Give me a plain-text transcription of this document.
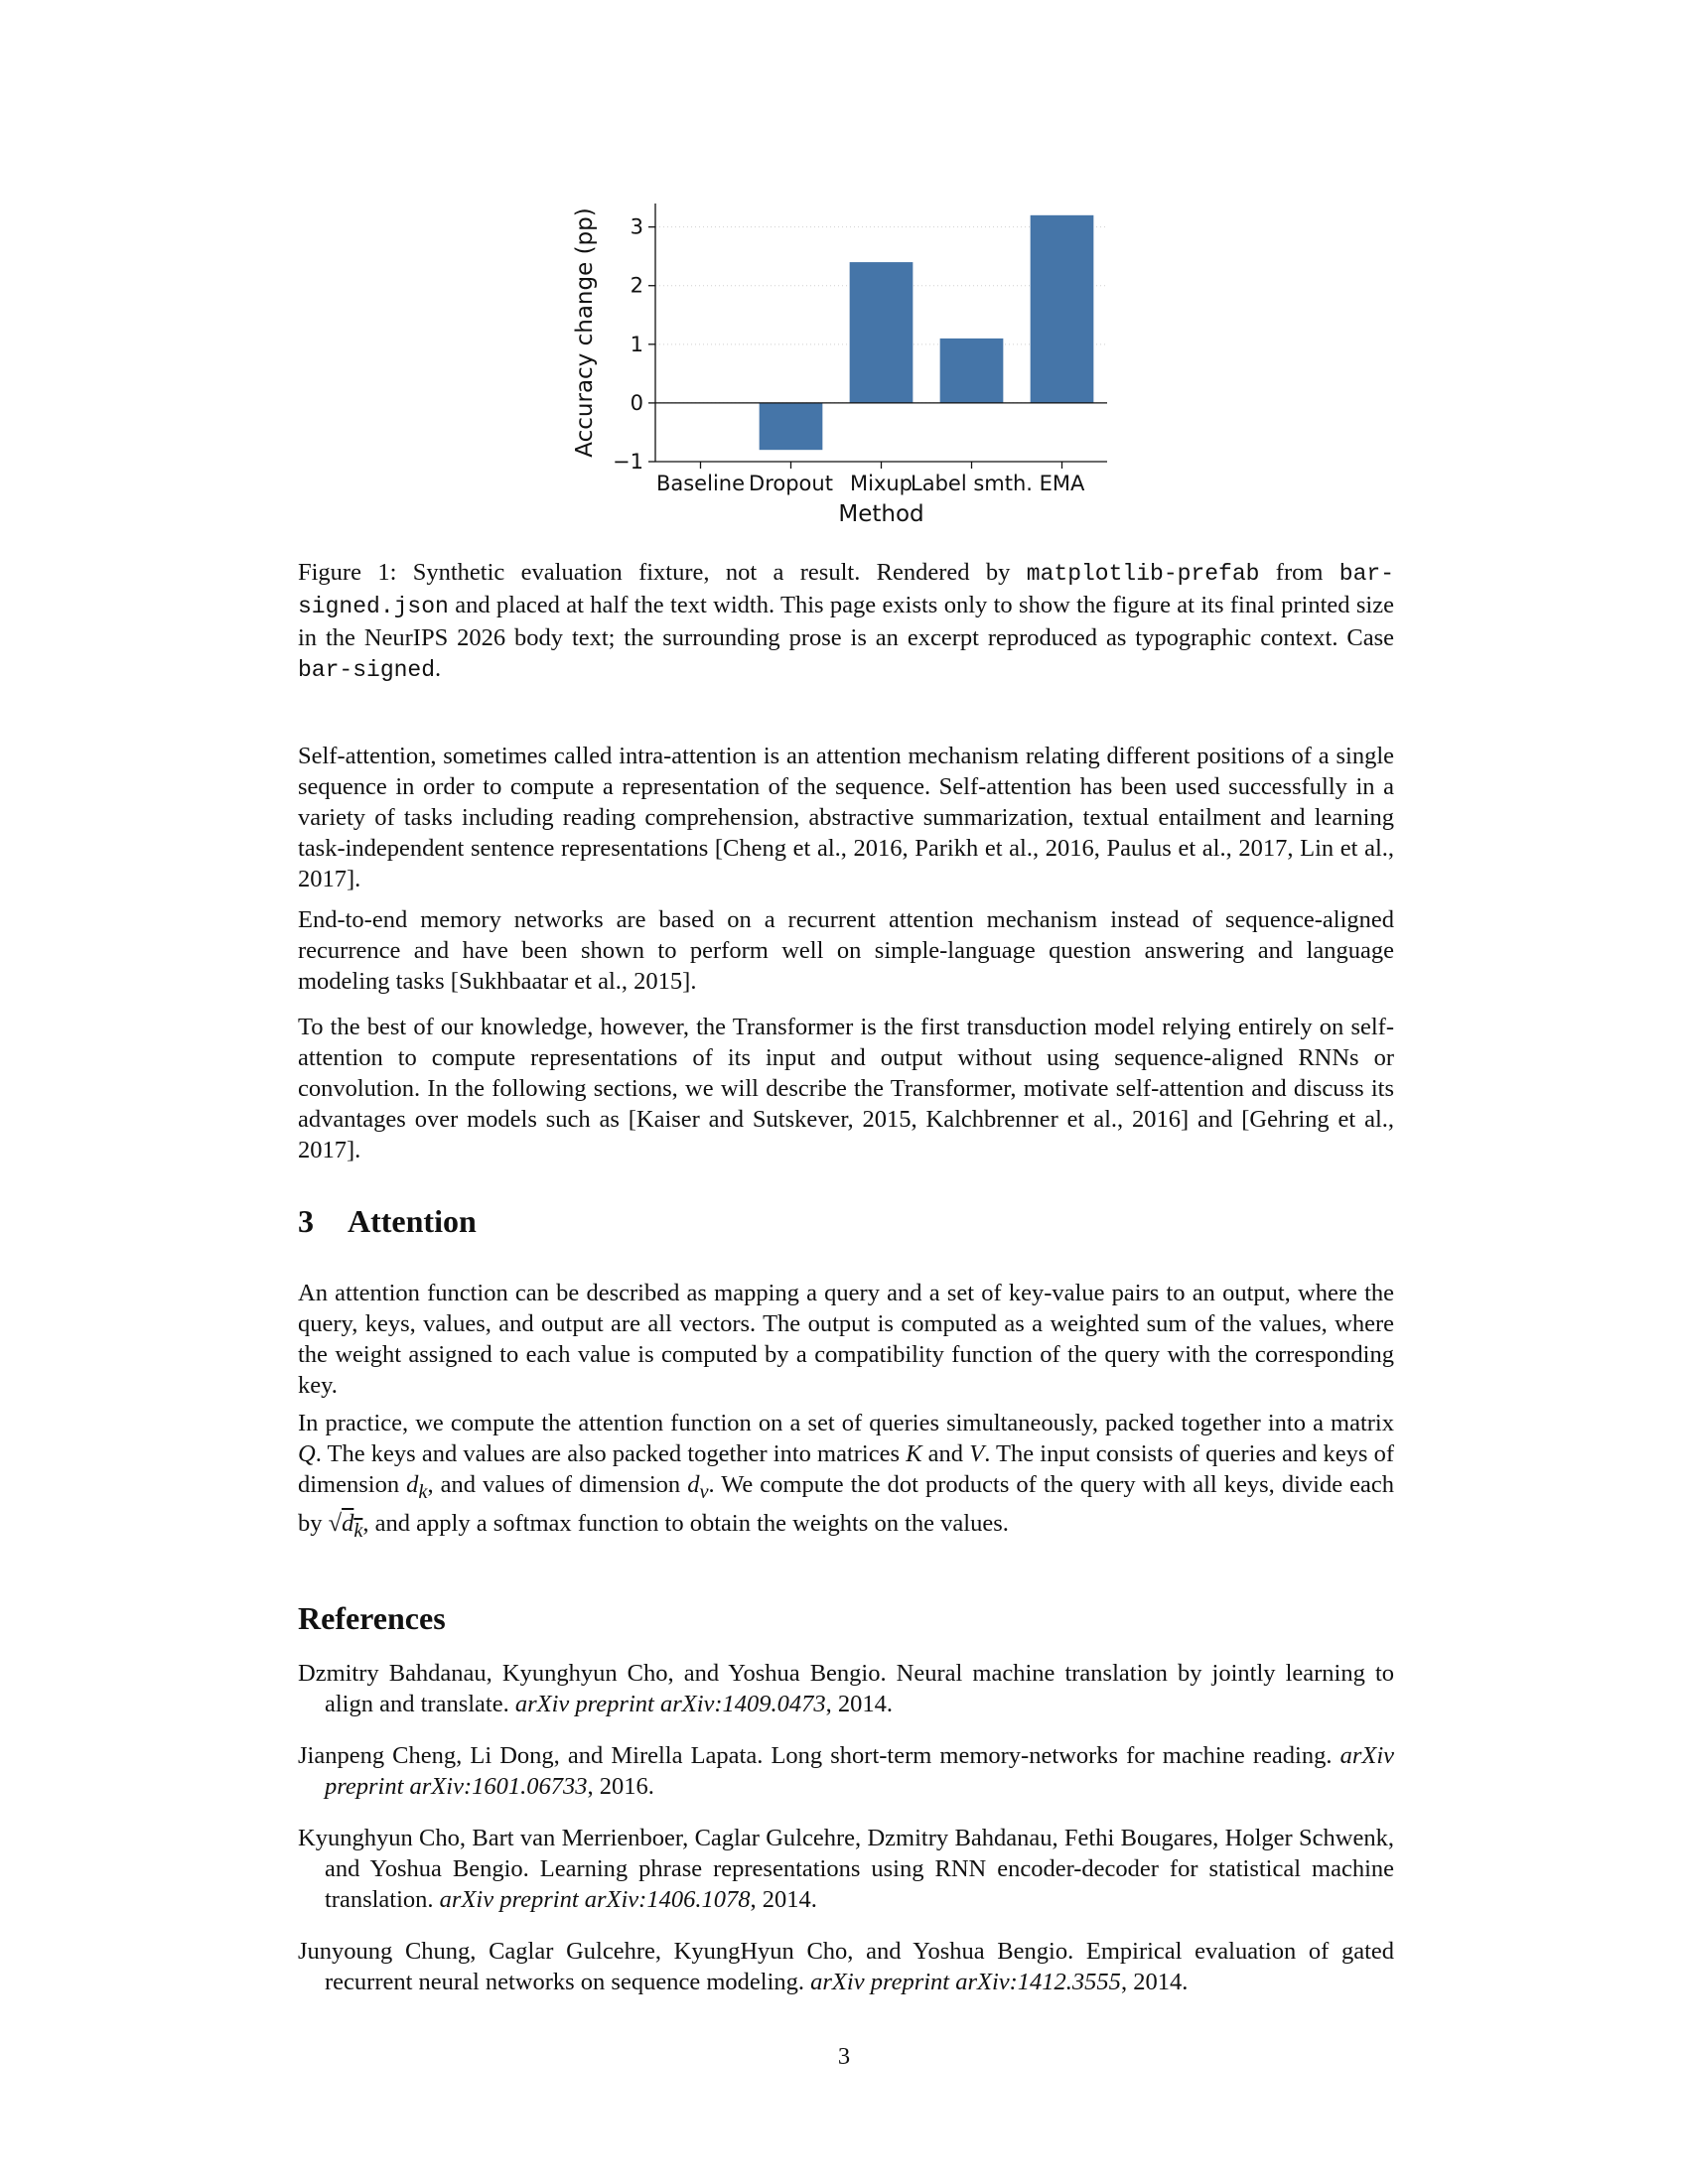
−1
0
1
2
3
Baseline Dropout Mixup
Label smth. EMA
Method
Accuracy change (pp)

Figure 1: Synthetic evaluation fixture, not a result. Rendered by matplotlib-prefab from bar-signed.json and placed at half the text width. This page exists only to show the figure at its final printed size in the NeurIPS 2026 body text; the surrounding prose is an excerpt reproduced as typographic context. Case bar-signed.

Self-attention, sometimes called intra-attention is an attention mechanism relating different positions of a single sequence in order to compute a representation of the sequence. Self-attention has been used successfully in a variety of tasks including reading comprehension, abstractive summarization, textual entailment and learning task-independent sentence representations [Cheng et al., 2016, Parikh et al., 2016, Paulus et al., 2017, Lin et al., 2017].

End-to-end memory networks are based on a recurrent attention mechanism instead of sequence-aligned recurrence and have been shown to perform well on simple-language question answering and language modeling tasks [Sukhbaatar et al., 2015].

To the best of our knowledge, however, the Transformer is the first transduction model relying entirely on self-attention to compute representations of its input and output without using sequence-aligned RNNs or convolution. In the following sections, we will describe the Transformer, motivate self-attention and discuss its advantages over models such as [Kaiser and Sutskever, 2015, Kalchbrenner et al., 2016] and [Gehring et al., 2017].

3 Attention

An attention function can be described as mapping a query and a set of key-value pairs to an output, where the query, keys, values, and output are all vectors. The output is computed as a weighted sum of the values, where the weight assigned to each value is computed by a compatibility function of the query with the corresponding key.

In practice, we compute the attention function on a set of queries simultaneously, packed together into a matrix Q. The keys and values are also packed together into matrices K and V. The input consists of queries and keys of dimension $d_k$, and values of dimension $d_v$. We compute the dot products of the query with all keys, divide each by $√d_k$, and apply a softmax function to obtain the weights on the values.

References

Dzmitry Bahdanau, Kyunghyun Cho, and Yoshua Bengio. Neural machine translation by jointly learning to align and translate. arXiv preprint arXiv:1409.0473, 2014.

Jianpeng Cheng, Li Dong, and Mirella Lapata. Long short-term memory-networks for machine reading. arXiv preprint arXiv:1601.06733, 2016.

Kyunghyun Cho, Bart van Merrienboer, Caglar Gulcehre, Dzmitry Bahdanau, Fethi Bougares, Holger Schwenk, and Yoshua Bengio. Learning phrase representations using RNN encoder-decoder for statistical machine translation. arXiv preprint arXiv:1406.1078, 2014.

Junyoung Chung, Caglar Gulcehre, KyungHyun Cho, and Yoshua Bengio. Empirical evaluation of gated recurrent neural networks on sequence modeling. arXiv preprint arXiv:1412.3555, 2014.

3
